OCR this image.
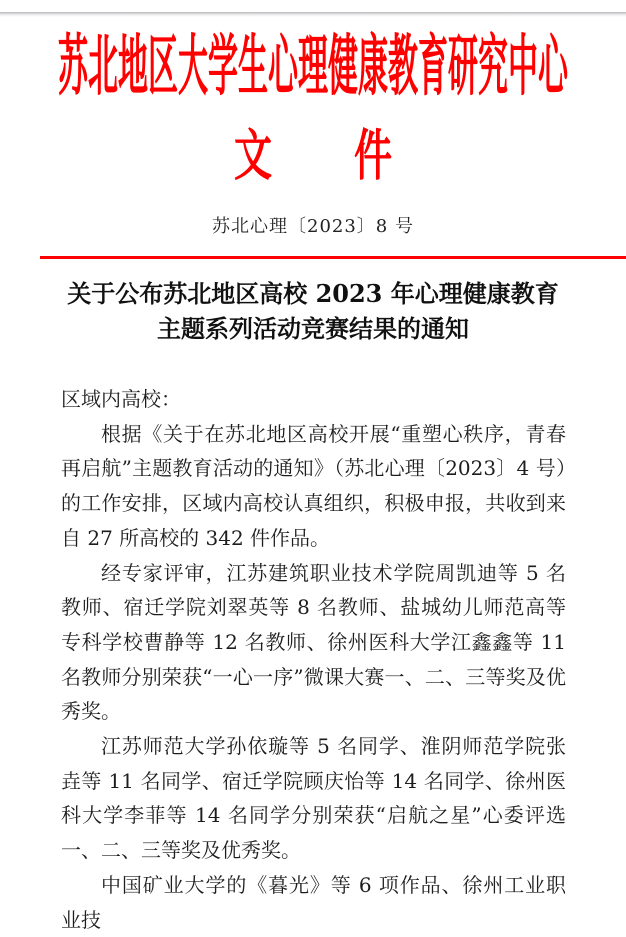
苏北地区大学生心理健康教育研究中心
文件
苏北心理〔2023〕8 号
关于公布苏北地区高校 2023 年心理健康教育
主题系列活动竞赛结果的通知

区域内高校：

根据《关于在苏北地区高校开展“重塑心秩序，青春再启航”主题教育活动的通知》（苏北心理〔2023〕4 号）的工作安排，区域内高校认真组织，积极申报，共收到来自 27 所高校的 342 件作品。

经专家评审，江苏建筑职业技术学院周凯迪等 5 名教师、宿迁学院刘翠英等 8 名教师、盐城幼儿师范高等专科学校曹静等 12 名教师、徐州医科大学江鑫鑫等 11 名教师分别荣获“一心一序”微课大赛一、二、三等奖及优秀奖。

江苏师范大学孙依璇等 5 名同学、淮阴师范学院张垚等 11 名同学、宿迁学院顾庆怡等 14 名同学、徐州医科大学李菲等 14 名同学分别荣获“启航之星”心委评选一、二、三等奖及优秀奖。

中国矿业大学的《暮光》等 6 项作品、徐州工业职业技
